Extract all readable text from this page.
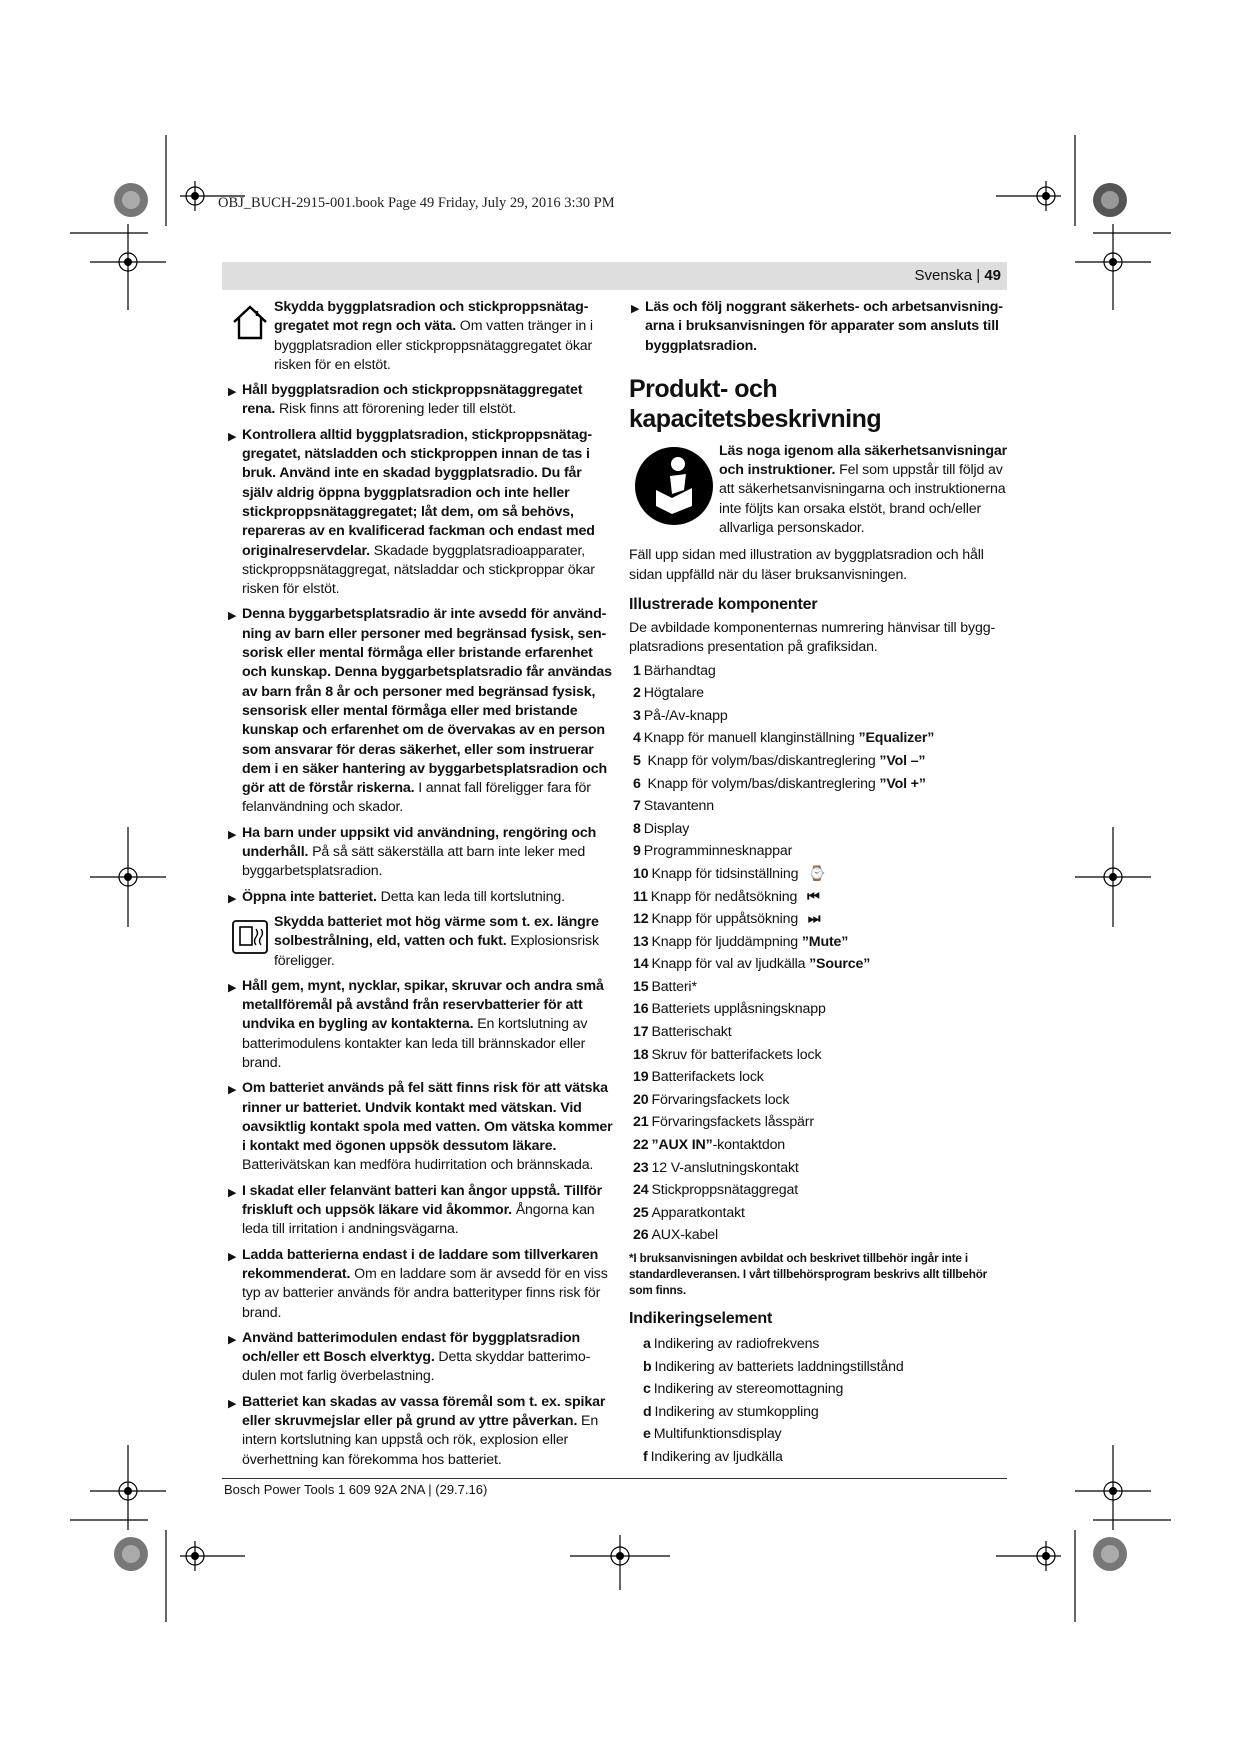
OBJ_BUCH-2915-001.book Page 49 Friday, July 29, 2016 3:30 PM
Svenska | 49
Skydda byggplatsradion och stickproppsnätaggregatet mot regn och väta. Om vatten tränger in i byggplatsradion eller stickproppsnätaggregatet ökar risken för en elstöt.
▶ Håll byggplatsradion och stickproppsnätaggregatet rena. Risk finns att förorening leder till elstöt.
▶ Kontrollera alltid byggplatsradion, stickproppsnätaggregatet, nätsladden och stickproppen innan de tas i bruk. Använd inte en skadad byggplatsradio. Du får själv aldrig öppna byggplatsradion och inte heller stickproppsnätaggregatet; låt dem, om så behövs, repareras av en kvalificerad fackman och endast med originalreservdelar. Skadade byggplatsradioapparater, stickproppsnätaggregat, nätsladdar och stickproppar ökar risken för elstöt.
▶ Denna byggarbetsplatsradio är inte avsedd för användning av barn eller personer med begränsad fysisk, sensorisk eller mental förmåga eller bristande erfarenhet och kunskap. Denna byggarbetsplatsradio får användas av barn från 8 år och personer med begränsad fysisk, sensorisk eller mental förmåga eller med bristande kunskap och erfarenhet om de övervakas av en person som ansvarar för deras säkerhet, eller som instruerar dem i en säker hantering av byggarbetsplatsradion och gör att de förstår riskerna. I annat fall föreligger fara för felanvändning och skador.
▶ Ha barn under uppsikt vid användning, rengöring och underhåll. På så sätt säkerställa att barn inte leker med byggarbetsplatsradion.
▶ Öppna inte batteriet. Detta kan leda till kortslutning.
Skydda batteriet mot hög värme som t. ex. längre solbestrålning, eld, vatten och fukt. Explosionsrisk föreligger.
▶ Håll gem, mynt, nycklar, spikar, skruvar och andra små metallföremål på avstånd från reservbatterier för att undvika en bygling av kontakterna. En kortslutning av batterimodulens kontakter kan leda till brännskador eller brand.
▶ Om batteriet används på fel sätt finns risk för att vätska rinner ur batteriet. Undvik kontakt med vätskan. Vid oavsiktlig kontakt spola med vatten. Om vätska kommer i kontakt med ögonen uppsök dessutom läkare. Batterivätskan kan medföra hudirritation och brännskada.
▶ I skadat eller felanvänt batteri kan ångor uppstå. Tillför friskluft och uppsök läkare vid åkommor. Ångorna kan leda till irritation i andningsvägarna.
▶ Ladda batterierna endast i de laddare som tillverkaren rekommenderat. Om en laddare som är avsedd för en viss typ av batterier används för andra batterityper finns risk för brand.
▶ Använd batterimodulen endast för byggplatsradion och/eller ett Bosch elverktyg. Detta skyddar batterimodulen mot farlig överbelastning.
▶ Batteriet kan skadas av vassa föremål som t. ex. spikar eller skruvmejslar eller på grund av yttre påverkan. En intern kortslutning kan uppstå och rök, explosion eller överhettning kan förekomma hos batteriet.
▶ Läs och följ noggrant säkerhets- och arbetsanvisningarna i bruksanvisningen för apparater som ansluts till byggplatsradion.
Produkt- och kapacitetsbeskrivning
Läs noga igenom alla säkerhetsanvisningar och instruktioner. Fel som uppstår till följd av att säkerhetsanvisningarna och instruktionerna inte följts kan orsaka elstöt, brand och/eller allvarliga personskador.

Fäll upp sidan med illustration av byggplatsradion och håll sidan uppfälld när du läser bruksanvisningen.

Illustrerade komponenter

De avbildade komponenternas numrering hänvisar till byggplatsradions presentation på grafiksidan.

1 Bärhandtag
2 Högtalare
3 På-/Av-knapp
4 Knapp för manuell klanginställning ”Equalizer”
5 Knapp för volym/bas/diskantreglering ”Vol –”
6 Knapp för volym/bas/diskantreglering ”Vol +”
7 Stavantenn
8 Display
9 Programminnesknappar
10 Knapp för tidsinställning ⌚
11 Knapp för nedåtsökning ⏮
12 Knapp för uppåtsökning ⏭
13 Knapp för ljuddämpning ”Mute”
14 Knapp för val av ljudkälla ”Source”
15 Batteri*
16 Batteriets upplåsningsknapp
17 Batterischakt
18 Skruv för batterifackets lock
19 Batterifackets lock
20 Förvaringsfackets lock
21 Förvaringsfackets låsspärr
22 ”AUX IN”-kontaktdon
23 12 V-anslutningskontakt
24 Stickproppsnätaggregat
25 Apparatkontakt
26 AUX-kabel
*I bruksanvisningen avbildat och beskrivet tillbehör ingår inte i standardleveransen. I vårt tillbehörsprogram beskrivs allt tillbehör som finns.
Indikeringselement
a Indikering av radiofrekvens
b Indikering av batteriets laddningstillstånd
c Indikering av stereomottagning
d Indikering av stumkoppling
e Multifunktionsdisplay
f Indikering av ljudkälla
Bosch Power Tools 1 609 92A 2NA | (29.7.16)
